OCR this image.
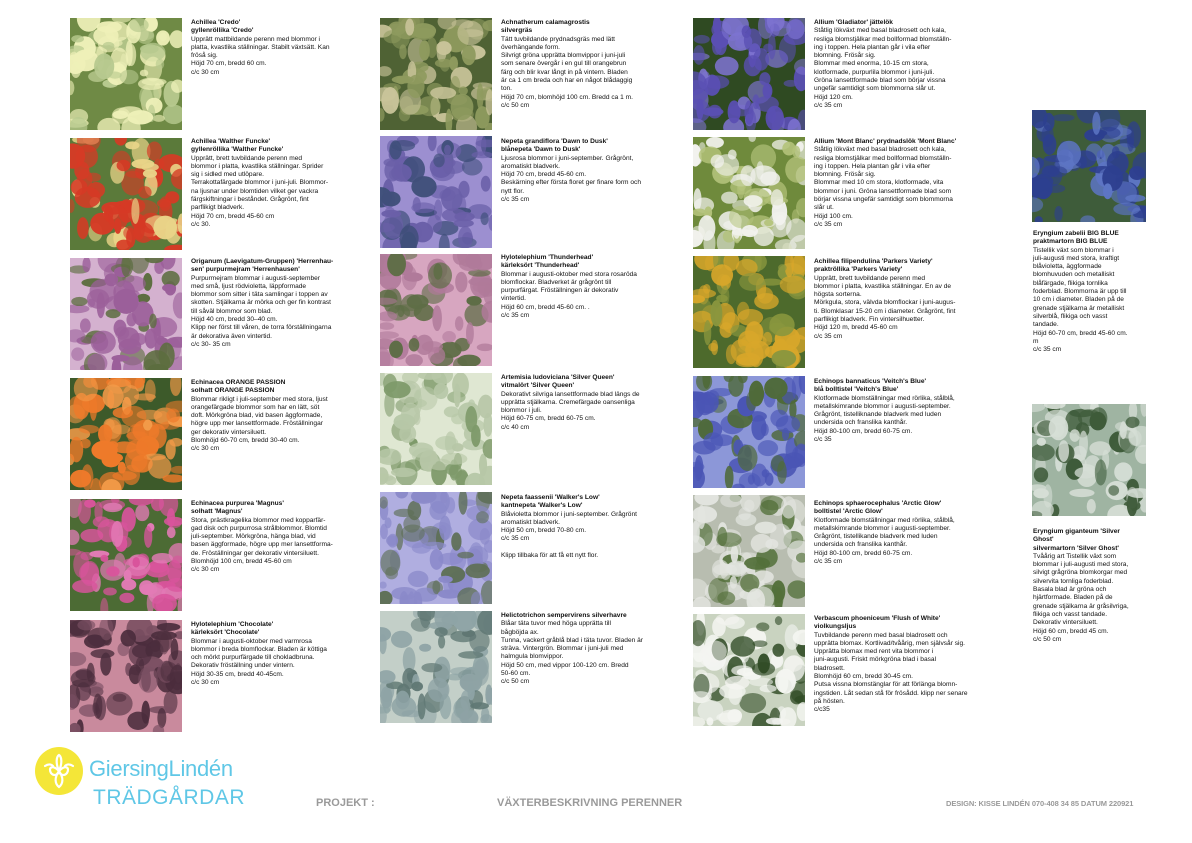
Achillea 'Credo'
gyllenröllika 'Credo'
Upprätt mattbildande perenn med blommor i
platta, kvastlika ställningar. Stabilt växtsätt. Kan
fröså sig.
Höjd 70 cm, bredd 60 cm.
c/c 30 cm
Achillea 'Walther Funcke'
gyllenröllika 'Walther Funcke'
Upprätt, brett tuvbildande perenn med
blommor i platta, kvastlika ställningar. Sprider
sig i sidled med utlöpare.
Terrakottafärgade blommor i juni-juli. Blommor-
na ljusnar under blomtiden vilket ger vackra
färgskiftningar i beståndet. Grågrönt, fint
parflikigt bladverk.
Höjd 70 cm, bredd 45-60 cm
c/c 30.
Origanum (Laevigatum-Gruppen) 'Herrenhau-
sen' purpurmejram 'Herrenhausen'
Purpurmejram blommar i augusti-september
med små, ljust rödvioletta, läppformade
blommor som sitter i täta samlingar i toppen av
skotten. Stjälkarna är mörka och ger fin kontrast
till såväl blommor som blad.
Höjd 40 cm, bredd 30–40 cm.
Klipp ner först till våren, de torra förställningarna
är dekorativa även vintertid.
c/c 30- 35 cm
Echinacea ORANGE PASSION
solhatt ORANGE PASSION
Blommar rikligt i juli-september med stora, ljust
orangefärgade blommor som har en lätt, söt
doft. Mörkgröna blad, vid basen äggformade,
högre upp mer lansettformade. Fröställningar
ger dekorativ vintersiluett.
Blomhöjd 60-70 cm, bredd 30-40 cm.
c/c 30 cm
Echinacea purpurea 'Magnus'
solhatt 'Magnus'
Stora, prästkragelika blommor med kopparfär-
gad disk och purpurrosa strålblommor. Blomtid
juli-september. Mörkgröna, hänga blad, vid
basen äggformade, högre upp mer lansettforma-
de. Fröställningar ger dekorativ vintersiluett.
Blomhöjd 100 cm, bredd 45-60 cm
c/c 30 cm
Hylotelephium 'Chocolate'
kärleksört 'Chocolate'
Blommar i augusti-oktober med varmrosa
blommor i breda blomflockar. Bladen är köttiga
och mörkt purpurfärgade till chokladbruna.
Dekorativ fröställning under vintern.
Höjd 30-35 cm, bredd 40-45cm.
c/c 30 cm
Achnatherum calamagrostis
silvergräs
Tätt tuvbildande prydnadsgräs med lätt
överhängande form.
Silvrigt gröna upprätta blomvippor i juni-juli
som senare övergår i en gul till orangebrun
färg och blir kvar långt in på vintern. Bladen
är ca 1 cm breda och har en något blådaggig
ton.
Höjd 70 cm, blomhöjd 100 cm. Bredd ca 1 m.
c/c 50 cm
Nepeta grandiflora 'Dawn to Dusk'
blånepeta 'Dawn to Dusk'
Ljusrosa blommor i juni-september. Grågrönt,
aromatiskt bladverk.
Höjd 70 cm, bredd 45-60 cm.
Beskärning efter första floret ger finare form och
nytt flor.
c/c 35 cm
Hylotelephium 'Thunderhead'
kärleksört 'Thunderhead'
Blommar i augusti-oktober med stora rosaröda
blomflockar. Bladverket är grågrönt till
purpurfärgat. Fröställningen är dekorativ
vintertid.
Höjd 60 cm, bredd 45-60 cm. .
c/c 35 cm
Artemisia ludoviciana 'Silver Queen'
vitmalört 'Silver Queen'
Dekorativt silvriga lansettformade blad längs de
upprätta stjälkarna. Cremefärgade oansenliga
blommor i juli.
Höjd 60-75 cm, bredd 60-75 cm.
c/c 40 cm
Nepeta faassenii 'Walker's Low'
kantnepeta 'Walker's Low'
Blåvioletta blommor i juni-september. Grågrönt
aromatiskt bladverk.
Höjd 50 cm, bredd 70-80 cm.
c/c 35 cm

Klipp tillbaka för att få ett nytt flor.
Helictotrichon sempervirens silverhavre
Blåar täta tuvor med höga upprätta till
bågböjda ax.
Tunna, vackert gråblå blad i täta tuvor. Bladen är
sträva. Vintergrön. Blommar i juni-juli med
halmgula blomvippor.
Höjd 50 cm, med vippor 100-120 cm. Bredd
50-60 cm.
c/c 50 cm
Allium 'Gladiator' jättelök
Ståtlig lökväxt med basal bladrosett och kala,
resliga blomstjälkar med bollformad blomställn-
ing i toppen. Hela plantan går i vila efter
blomning. Frösår sig.
Blommar med enorma, 10-15 cm stora,
klotformade, purpurlila blommor i juni-juli.
Gröna lansettformade blad som börjar vissna
ungefär samtidigt som blommorna slår ut.
Höjd 120 cm.
c/c 35 cm
Allium 'Mont Blanc' prydnadslök 'Mont Blanc'
Ståtlig lökväxt med basal bladrosett och kala,
resliga blomstjälkar med bollformad blomställn-
ing i toppen. Hela plantan går i vila efter
blomning. Frösår sig.
Blommar med 10 cm stora, klotformade, vita
blommor i juni. Gröna lansettformade blad som
börjar vissna ungefär samtidigt som blommorna
slår ut.
Höjd 100 cm.
c/c 35 cm
Achillea filipendulina 'Parkers Variety'
praktröllika 'Parkers Variety'
Upprätt, brett tuvbildande perenn med
blommor i platta, kvastlika ställningar. En av de
högsta sorterna.
Mörkgula, stora, välvda blomflockar i juni-augus-
ti. Blomklasar 15-20 cm i diameter. Grågrönt, fint
parflikigt bladverk. Fin vintersilhuetter.
Höjd 120 m, bredd 45-60 cm
c/c 35 cm
Echinops bannaticus 'Veitch's Blue'
blå bolltistel 'Veitch's Blue'
Klotformade blomställningar med rörlika, stålblå,
metallskimrande blommor i augusti-september.
Grågrönt, tistelliknande bladverk med luden
undersida och franslika kanthår.
Höjd 80-100 cm, bredd 60-75 cm.
c/c 35
Echinops sphaerocephalus 'Arctic Glow'
bolltistel 'Arctic Glow'
Klotformade blomställningar med rörlika, stålblå,
metallskimrande blommor i augusti-september.
Grågrönt, tistellikande bladverk med luden
undersida och franslika kanthår.
Höjd 80-100 cm, bredd 60-75 cm.
c/c 35 cm
Verbascum phoeniceum 'Flush of White'
violkungsljus
Tuvbildande perenn med basal bladrosett och
upprätta blomax. Kortlivad/tvåårig, men självsår sig.
Upprätta blomax med rent vita blommor i
juni-augusti. Friskt mörkgröna blad i basal
bladrosett.
Blomhöjd 60 cm, bredd 30-45 cm.
Putsa vissna blomstänglar för att förlänga blomn-
ingstiden. Låt sedan stå för frösådd. klipp ner senare
på hösten.
c/c35
Eryngium zabelii BIG BLUE
praktmartorn BIG BLUE
Tistellik växt som blommar i
juli-augusti med stora, kraftigt
blåvioletta, äggformade
blomhuvuden och metalliskt
blåfärgade, flikiga tornlika
foderblad. Blommorna är upp till
10 cm i diameter. Bladen på de
grenade stjälkarna är metalliskt
silverblå, flikiga och vasst
tandade.
Höjd 60-70 cm, bredd 45-60 cm.
m
c/c 35 cm
Eryngium giganteum 'Silver
Ghost'
silvermartorn 'Silver Ghost'
Tvåårig art Tistellik växt som
blommar i juli-augusti med stora,
silvigt grågröna blomkorgar med
silvervita tornliga foderblad.
Basala blad är gröna och
hjärtformade. Bladen på de
grenade stjälkarna är gråsilvriga,
flikiga och vasst tandade.
Dekorativ vintersiluett.
Höjd 60 cm, bredd 45 cm.
c/c 50 cm
GiersingLindén
TRÄDGÅRDAR	PROJEKT :	VÄXTERBESKRIVNING PERENNER	DESIGN: KISSE LINDÉN 070-408 34 85 DATUM 220921
